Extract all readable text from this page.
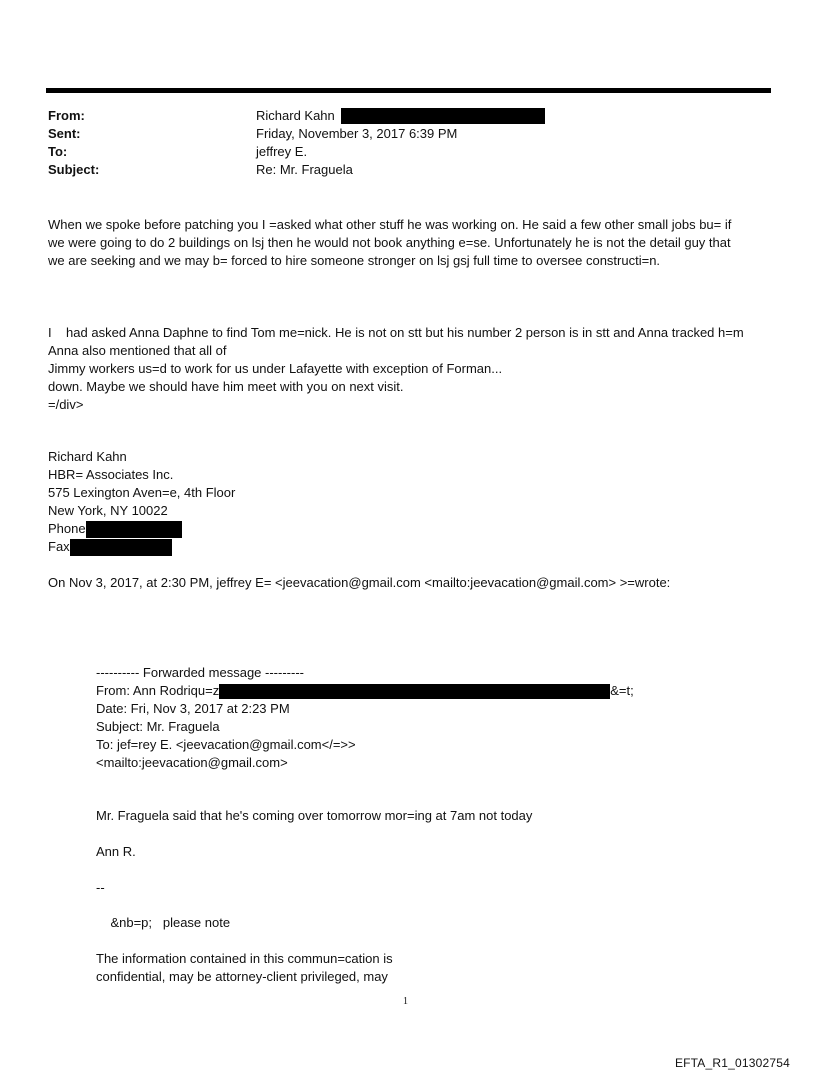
From:	Richard Kahn
Sent:	Friday, November 3, 2017 6:39 PM
To:	jeffrey E.
Subject:	Re: Mr. Fraguela

When we spoke before patching you I =asked what other stuff he was working on. He said a few other small jobs bu= if

we were going to do 2 buildings on lsj then he would not book anything e=se. Unfortunately he is not the detail guy that

we are seeking and we may b= forced to hire someone stronger on lsj gsj full time to oversee constructi=n.

I    had asked Anna Daphne to find Tom me=nick. He is not on stt but his number 2 person is in stt and Anna tracked h=m

down. Maybe we should have him meet with you on next visit.

Anna also mentioned that all of

Jimmy workers us=d to work for us under Lafayette with exception of Forman...

=/div>

Richard Kahn
HBR= Associates Inc.
575 Lexington Aven=e, 4th Floor
New York, NY 10022
Phone
Fax

On Nov 3, 2017, at 2:30 PM, jeffrey E= <jeevacation@gmail.com <mailto:jeevacation@gmail.com> >=wrote:

---------- Forwarded message ---------
From: Ann Rodriqu=z	&=t;
Date: Fri, Nov 3, 2017 at 2:23 PM
Subject: Mr. Fraguela
To: jef=rey E. <jeevacation@gmail.com</=>>
<mailto:jeevacation@gmail.com>
Mr. Fraguela said that he's coming over tomorrow mor=ing at 7am not today
Ann R.
--
&nb=p;   please note
The information contained in this commun=cation is
confidential, may be attorney-client privileged, may
1
EFTA_R1_01302754
